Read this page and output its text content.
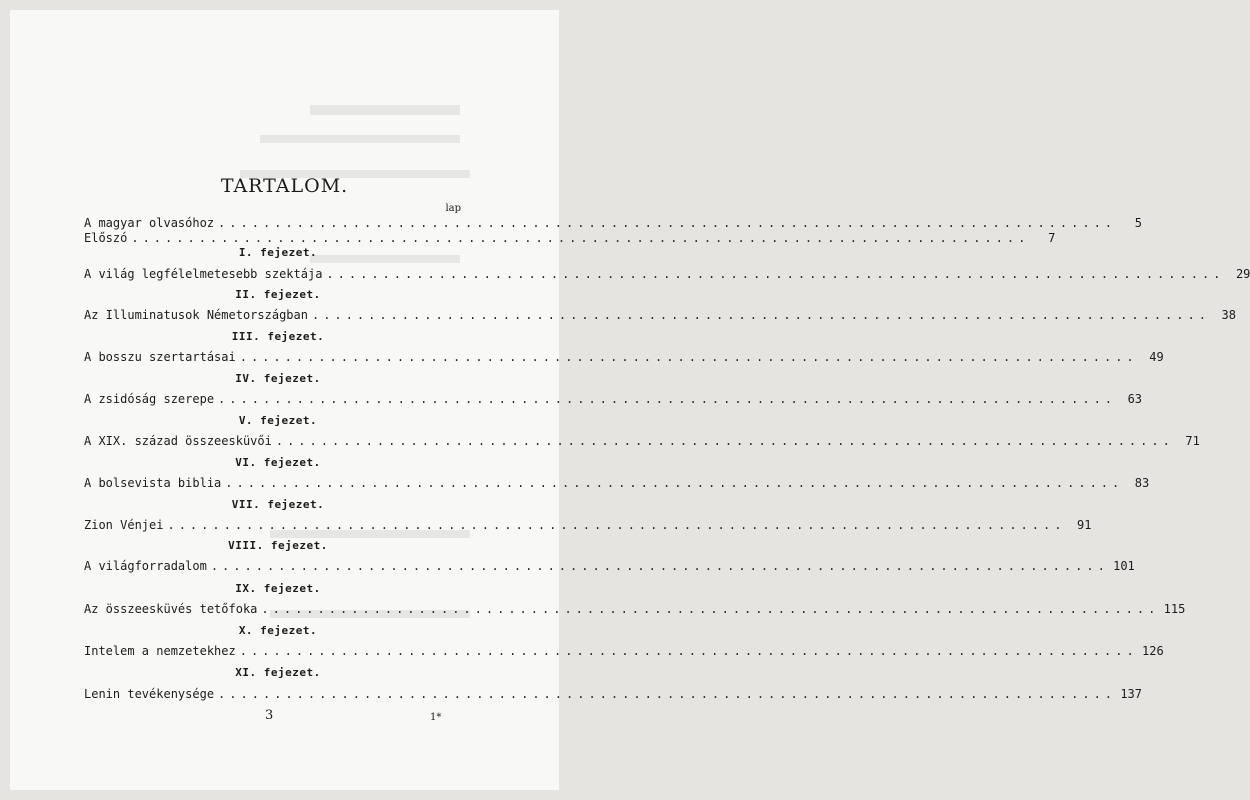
TARTALOM.
lap
A magyar olvasóhoz ................................................................................	5
Előszó ................................................................................	7
I. fejezet.
A világ legfélelmetesebb szektája ................................................................................ 29
II. fejezet.
Az Illuminatusok Németországban ................................................................................ 38
III. fejezet.
A bosszu szertartásai ................................................................................ 49
IV. fejezet.
A zsidóság szerepe ................................................................................ 63
V. fejezet.
A XIX. század összeesküvői ................................................................................ 71
VI. fejezet.
A bolsevista biblia ................................................................................ 83
VII. fejezet.
Zion Vénjei ................................................................................ 91
VIII. fejezet.
A világforradalom ................................................................................ 101
IX. fejezet.
Az összeesküvés tetőfoka ................................................................................ 115
X. fejezet.
Intelem a nemzetekhez ................................................................................ 126
XI. fejezet.
Lenin tevékenysége ................................................................................ 137
3	1*
